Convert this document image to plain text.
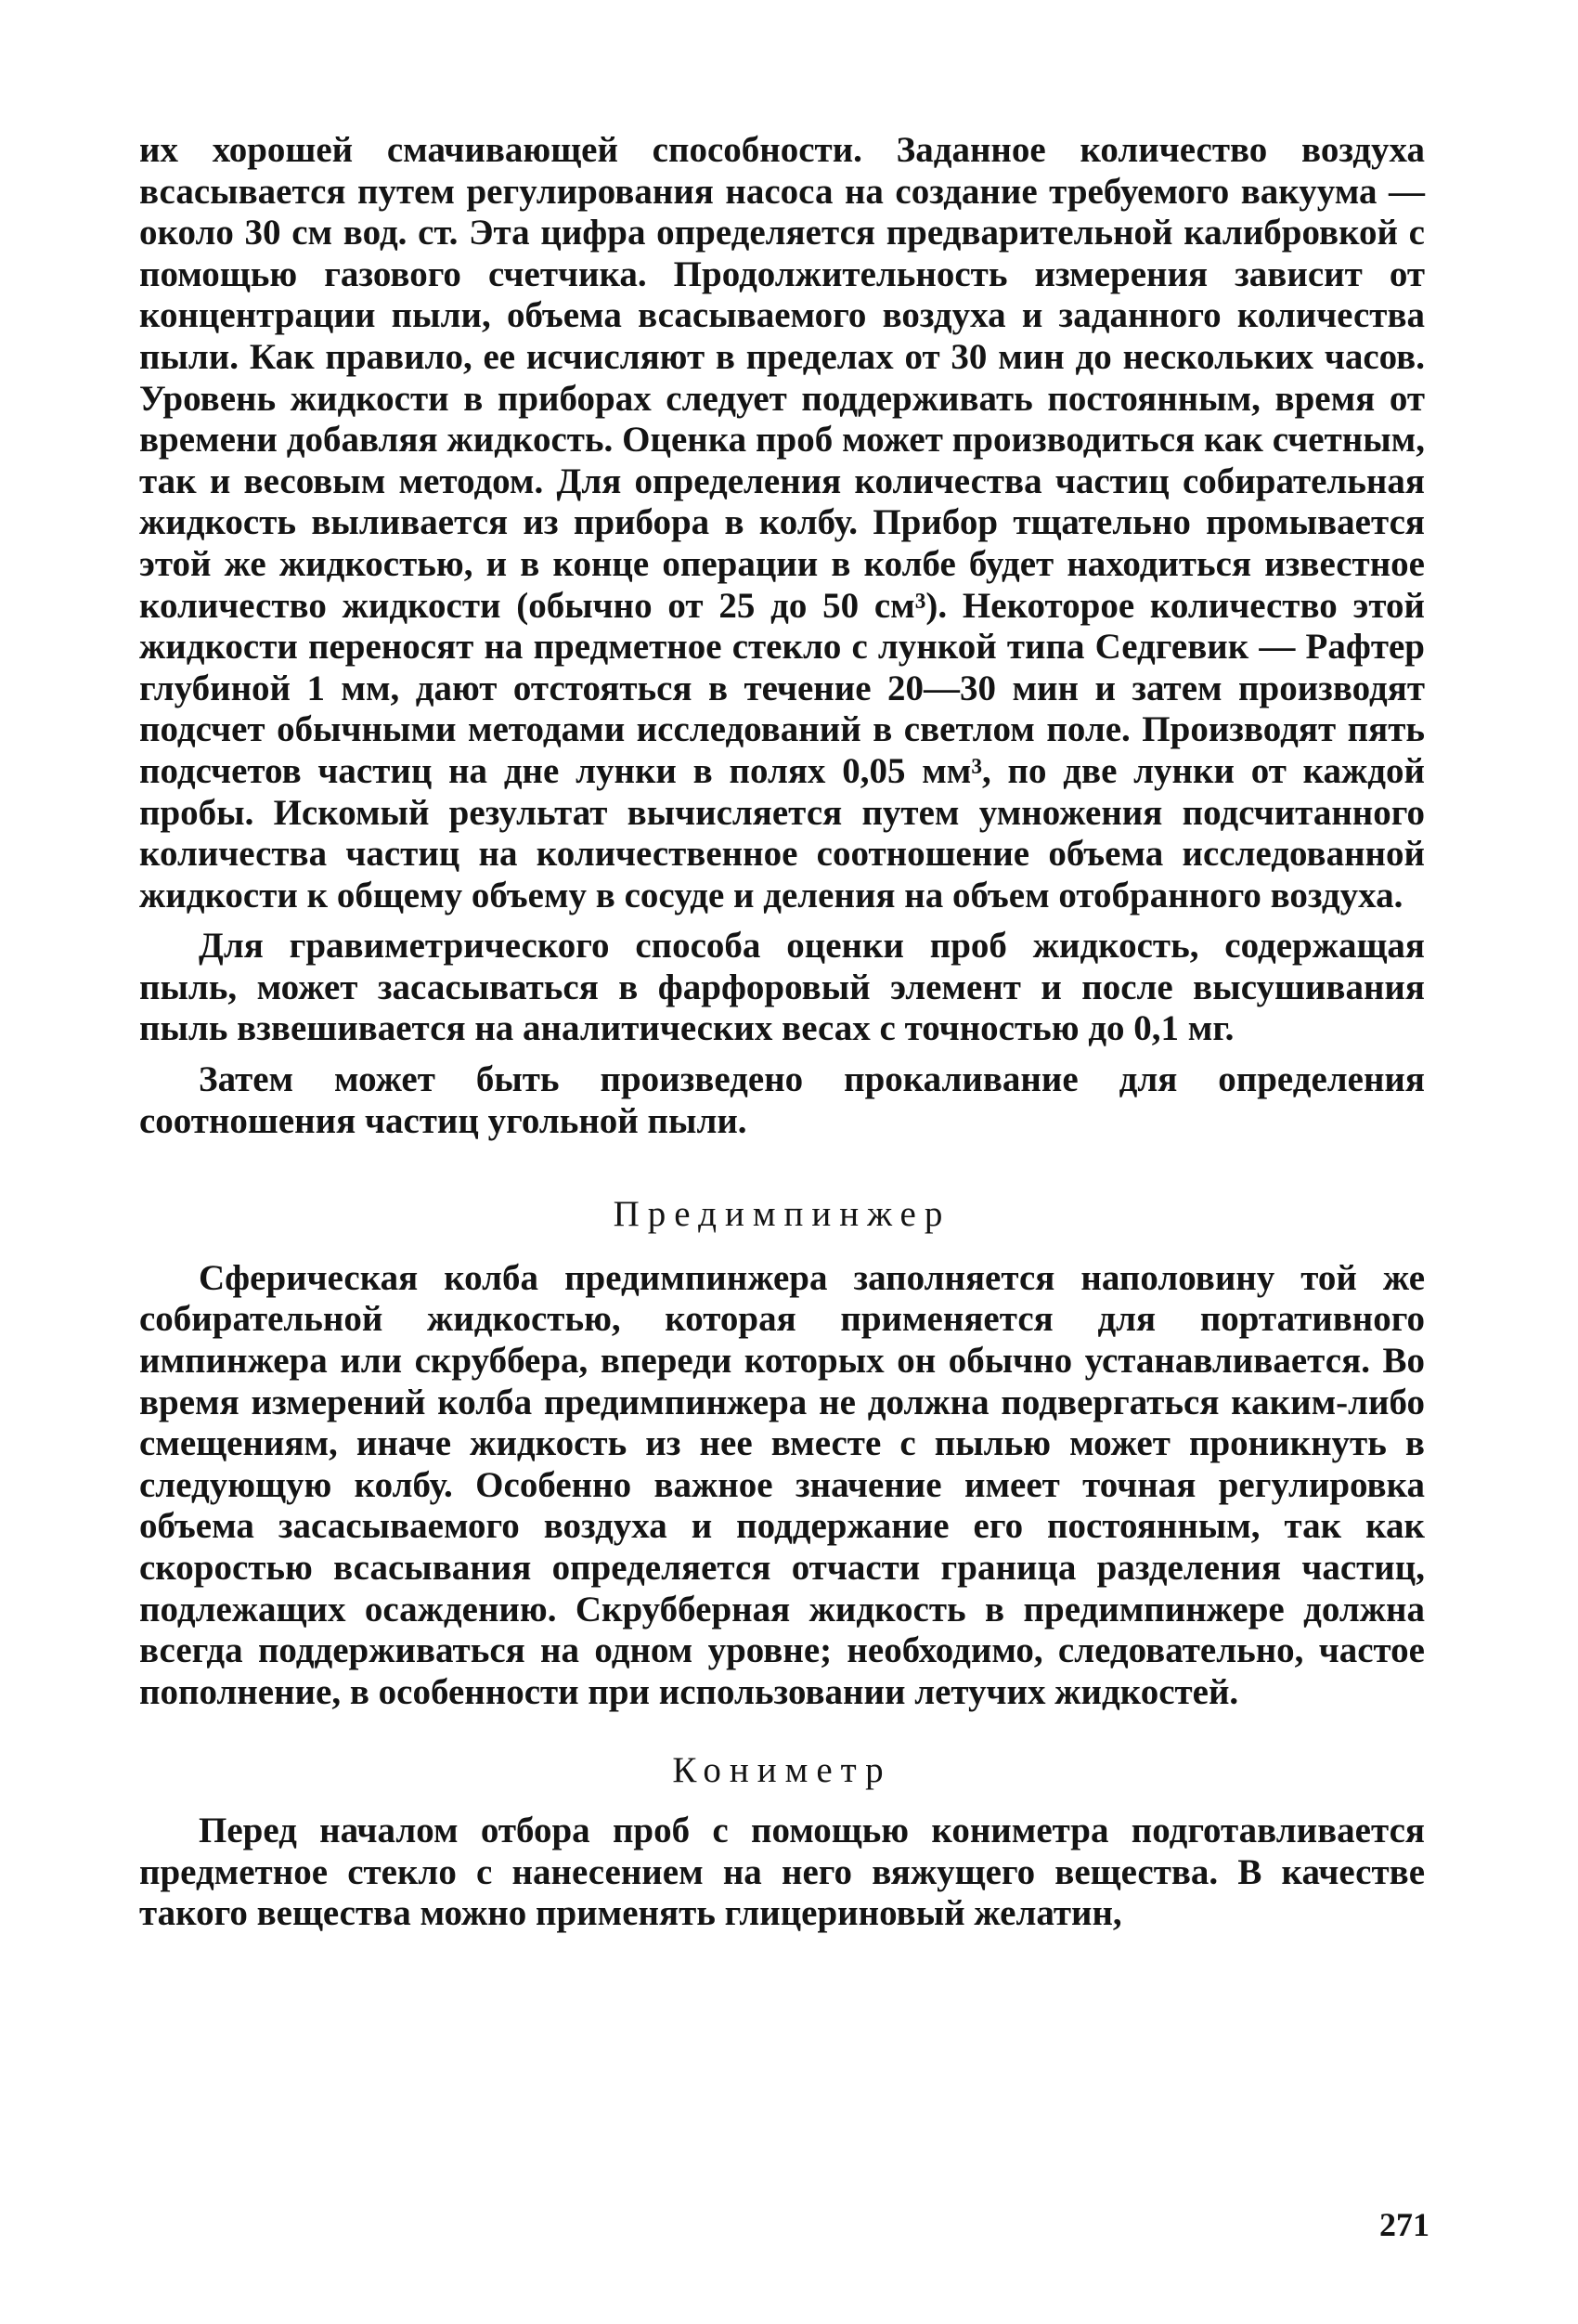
их хорошей смачивающей способности. Заданное количество воздуха всасывается путем регулирования насоса на создание требуемого вакуума — около 30 см вод. ст. Эта цифра определяется предварительной калибровкой с помощью газового счетчика. Продолжительность измерения зависит от концентрации пыли, объема всасываемого воздуха и заданного количества пыли. Как правило, ее исчисляют в пределах от 30 мин до нескольких часов. Уровень жидкости в приборах следует поддерживать постоянным, время от времени добавляя жидкость. Оценка проб может производиться как счетным, так и весовым методом. Для определения количества частиц собирательная жидкость выливается из прибора в колбу. Прибор тщательно промывается этой же жидкостью, и в конце операции в колбе будет находиться известное количество жидкости (обычно от 25 до 50 см³). Некоторое количество этой жидкости переносят на предметное стекло с лункой типа Седгевик — Рафтер глубиной 1 мм, дают отстояться в течение 20—30 мин и затем производят подсчет обычными методами исследований в светлом поле. Производят пять подсчетов частиц на дне лунки в полях 0,05 мм³, по две лунки от каждой пробы. Искомый результат вычисляется путем умножения подсчитанного количества частиц на количественное соотношение объема исследованной жидкости к общему объему в сосуде и деления на объем отобранного воздуха.

Для гравиметрического способа оценки проб жидкость, содержащая пыль, может засасываться в фарфоровый элемент и после высушивания пыль взвешивается на аналитических весах с точностью до 0,1 мг.

Затем может быть произведено прокаливание для определения соотношения частиц угольной пыли.

Предимпинжер

Сферическая колба предимпинжера заполняется наполовину той же собирательной жидкостью, которая применяется для портативного импинжера или скруббера, впереди которых он обычно устанавливается. Во время измерений колба предимпинжера не должна подвергаться каким-либо смещениям, иначе жидкость из нее вместе с пылью может проникнуть в следующую колбу. Особенно важное значение имеет точная регулировка объема засасываемого воздуха и поддержание его постоянным, так как скоростью всасывания определяется отчасти граница разделения частиц, подлежащих осаждению. Скрубберная жидкость в предимпинжере должна всегда поддерживаться на одном уровне; необходимо, следовательно, частое пополнение, в особенности при использовании летучих жидкостей.

Кониметр

Перед началом отбора проб с помощью кониметра подготавливается предметное стекло с нанесением на него вяжущего вещества. В качестве такого вещества можно применять глицериновый желатин,

271
